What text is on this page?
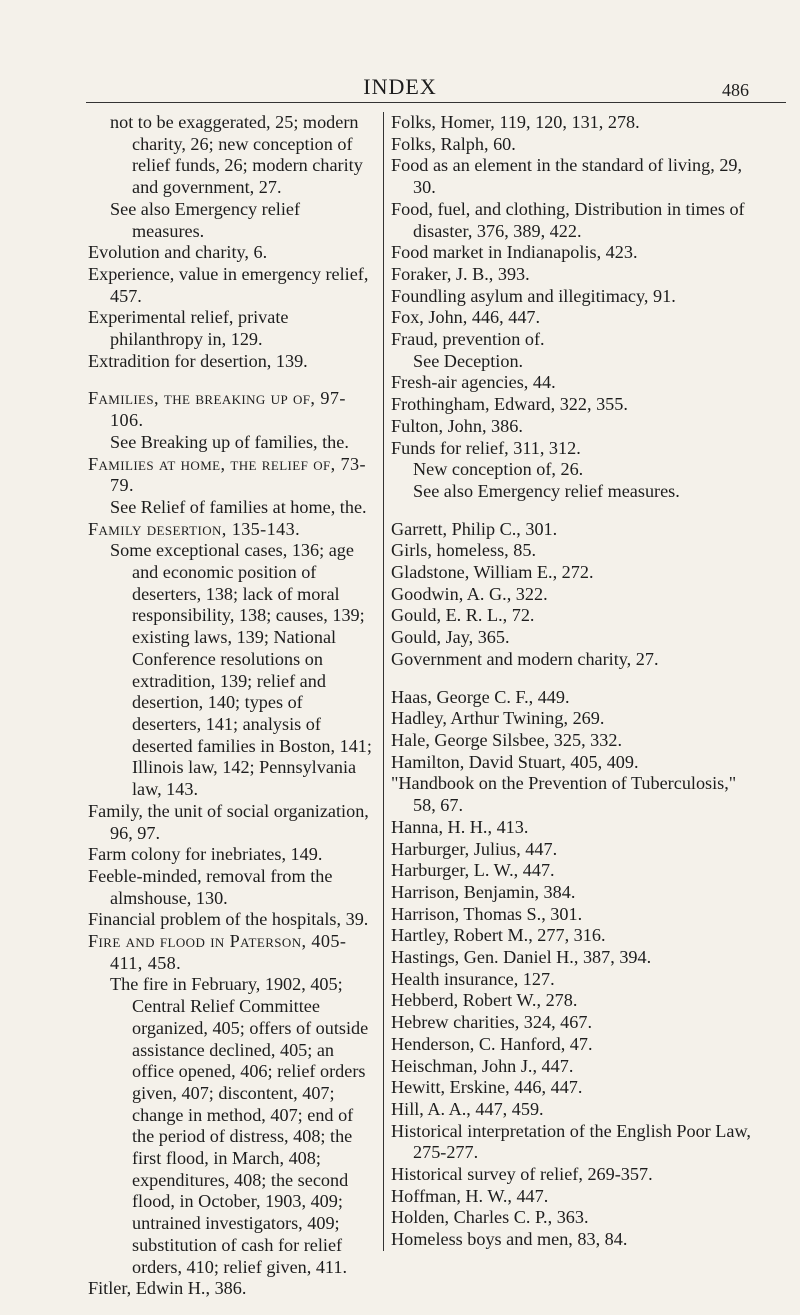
INDEX	486

not to be exaggerated, 25; modern charity, 26; new conception of relief funds, 26; modern charity and government, 27.

See also Emergency relief measures.

Evolution and charity, 6.

Experience, value in emergency relief, 457.

Experimental relief, private philanthropy in, 129.

Extradition for desertion, 139.

Families, the breaking up of, 97-106.

See Breaking up of families, the.

Families at home, the relief of, 73-79.

See Relief of families at home, the.

Family desertion, 135-143.

Some exceptional cases, 136; age and economic position of deserters, 138; lack of moral responsibility, 138; causes, 139; existing laws, 139; National Conference resolutions on extradition, 139; relief and desertion, 140; types of deserters, 141; analysis of deserted families in Boston, 141; Illinois law, 142; Pennsylvania law, 143.

Family, the unit of social organization, 96, 97.

Farm colony for inebriates, 149.

Feeble-minded, removal from the almshouse, 130.

Financial problem of the hospitals, 39.

Fire and flood in Paterson, 405-411, 458.

The fire in February, 1902, 405; Central Relief Committee organized, 405; offers of outside assistance declined, 405; an office opened, 406; relief orders given, 407; discontent, 407; change in method, 407; end of the period of distress, 408; the first flood, in March, 408; expenditures, 408; the second flood, in October, 1903, 409; untrained investigators, 409; substitution of cash for relief orders, 410; relief given, 411.

Fitler, Edwin H., 386.

Folks, Homer, 119, 120, 131, 278.

Folks, Ralph, 60.

Food as an element in the standard of living, 29, 30.

Food, fuel, and clothing, Distribution in times of disaster, 376, 389, 422.

Food market in Indianapolis, 423.

Foraker, J. B., 393.

Foundling asylum and illegitimacy, 91.

Fox, John, 446, 447.

Fraud, prevention of.

See Deception.

Fresh-air agencies, 44.

Frothingham, Edward, 322, 355.

Fulton, John, 386.

Funds for relief, 311, 312.

New conception of, 26.

See also Emergency relief measures.

Garrett, Philip C., 301.

Girls, homeless, 85.

Gladstone, William E., 272.

Goodwin, A. G., 322.

Gould, E. R. L., 72.

Gould, Jay, 365.

Government and modern charity, 27.

Haas, George C. F., 449.

Hadley, Arthur Twining, 269.

Hale, George Silsbee, 325, 332.

Hamilton, David Stuart, 405, 409.

"Handbook on the Prevention of Tuberculosis," 58, 67.

Hanna, H. H., 413.

Harburger, Julius, 447.

Harburger, L. W., 447.

Harrison, Benjamin, 384.

Harrison, Thomas S., 301.

Hartley, Robert M., 277, 316.

Hastings, Gen. Daniel H., 387, 394.

Health insurance, 127.

Hebberd, Robert W., 278.

Hebrew charities, 324, 467.

Henderson, C. Hanford, 47.

Heischman, John J., 447.

Hewitt, Erskine, 446, 447.

Hill, A. A., 447, 459.

Historical interpretation of the English Poor Law, 275-277.

Historical survey of relief, 269-357.

Hoffman, H. W., 447.

Holden, Charles C. P., 363.

Homeless boys and men, 83, 84.
